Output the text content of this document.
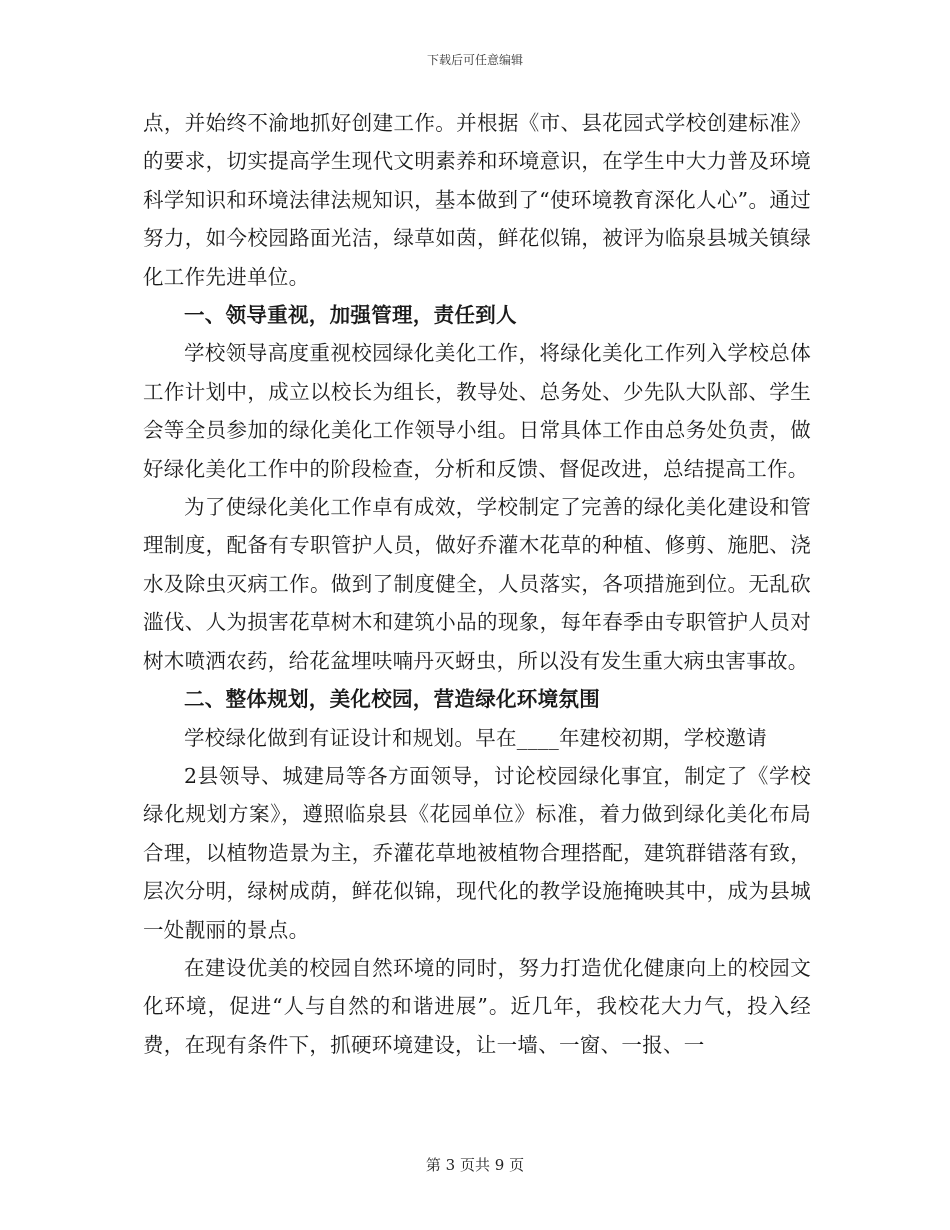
下载后可任意编辑

点，并始终不渝地抓好创建工作。并根据《市、县花园式学校创建标准》的要求，切实提高学生现代文明素养和环境意识，在学生中大力普及环境科学知识和环境法律法规知识，基本做到了“使环境教育深化人心”。通过努力，如今校园路面光洁，绿草如茵，鲜花似锦，被评为临泉县城关镇绿化工作先进单位。

一、领导重视，加强管理，责任到人

学校领导高度重视校园绿化美化工作，将绿化美化工作列入学校总体工作计划中，成立以校长为组长，教导处、总务处、少先队大队部、学生会等全员参加的绿化美化工作领导小组。日常具体工作由总务处负责，做好绿化美化工作中的阶段检查，分析和反馈、督促改进，总结提高工作。

为了使绿化美化工作卓有成效，学校制定了完善的绿化美化建设和管理制度，配备有专职管护人员，做好乔灌木花草的种植、修剪、施肥、浇水及除虫灭病工作。做到了制度健全，人员落实，各项措施到位。无乱砍滥伐、人为损害花草树木和建筑小品的现象，每年春季由专职管护人员对树木喷洒农药，给花盆埋呋喃丹灭蚜虫，所以没有发生重大病虫害事故。

二、整体规划，美化校园，营造绿化环境氛围

学校绿化做到有证设计和规划。早在____年建校初期，学校邀请

2县领导、城建局等各方面领导，讨论校园绿化事宜，制定了《学校绿化规划方案》，遵照临泉县《花园单位》标准，着力做到绿化美化布局合理，以植物造景为主，乔灌花草地被植物合理搭配，建筑群错落有致，层次分明，绿树成荫，鲜花似锦，现代化的教学设施掩映其中，成为县城一处靓丽的景点。

在建设优美的校园自然环境的同时，努力打造优化健康向上的校园文化环境，促进“人与自然的和谐进展”。近几年，我校花大力气，投入经费，在现有条件下，抓硬环境建设，让一墙、一窗、一报、一

第 3 页共 9 页
